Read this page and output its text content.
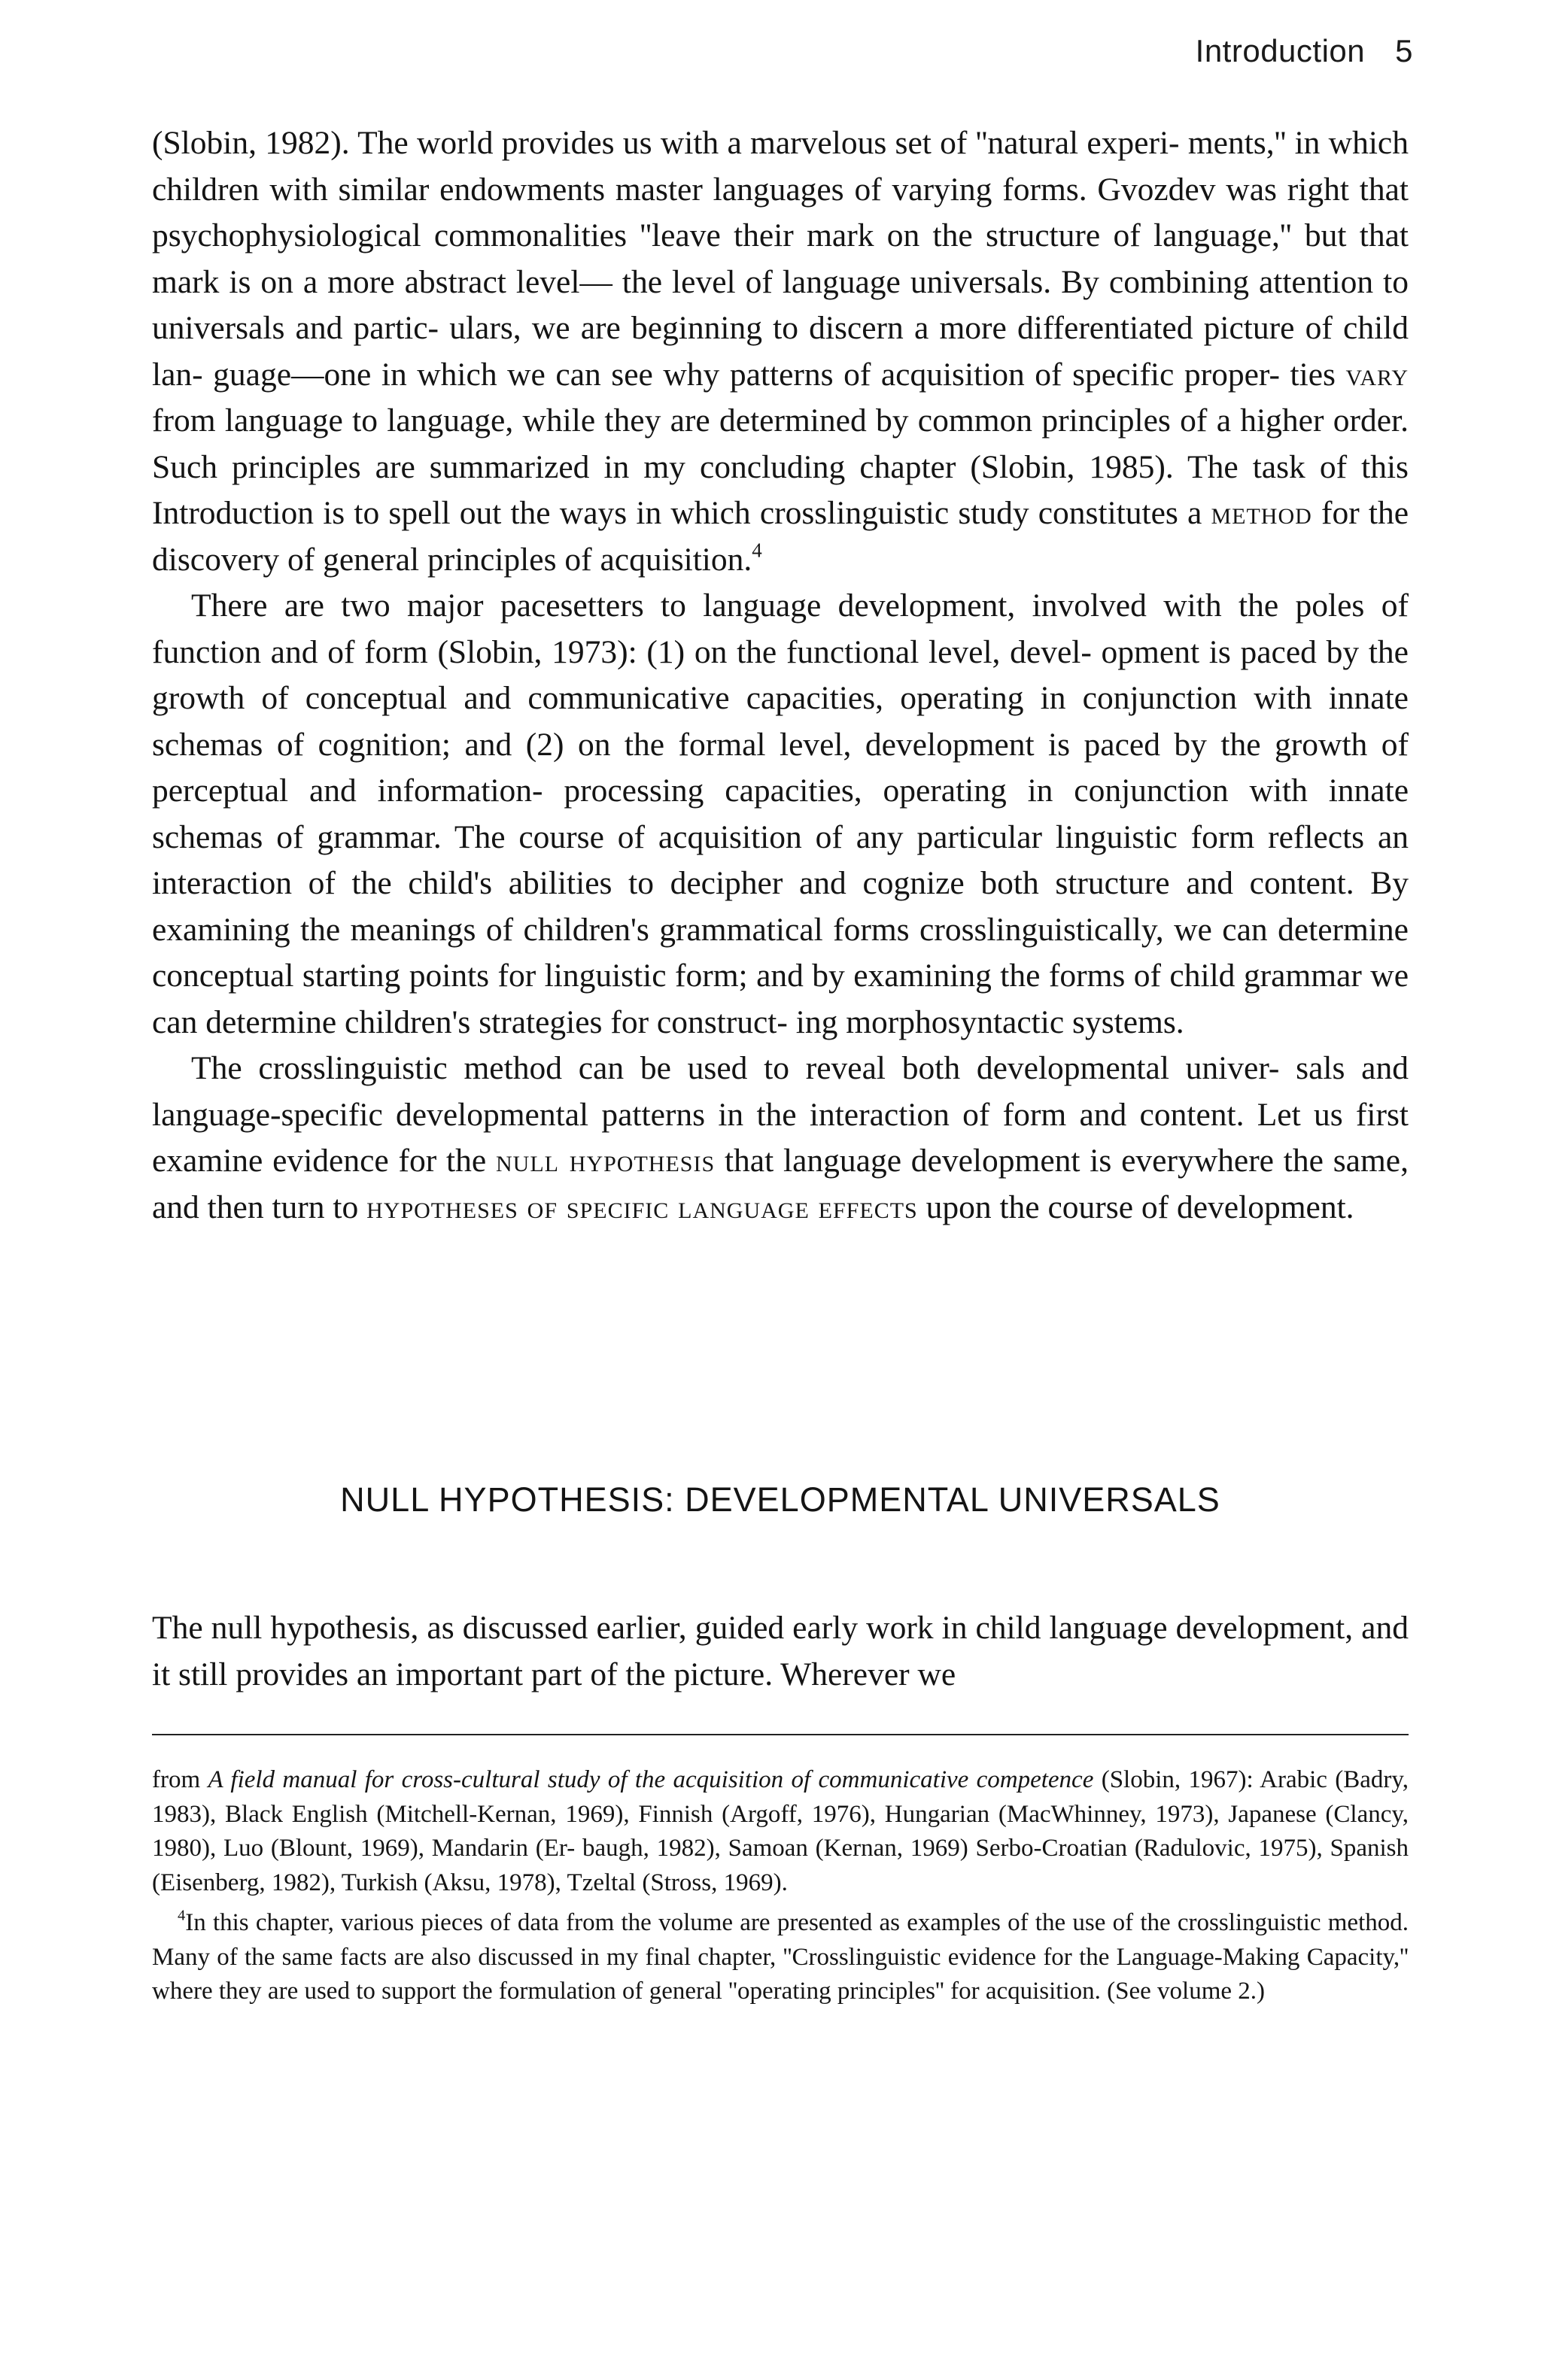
Introduction 5

(Slobin, 1982). The world provides us with a marvelous set of ''natural experi- ments,'' in which children with similar endowments master languages of varying forms. Gvozdev was right that psychophysiological commonalities ''leave their mark on the structure of language,'' but that mark is on a more abstract level— the level of language universals. By combining attention to universals and partic- ulars, we are beginning to discern a more differentiated picture of child lan- guage—one in which we can see why patterns of acquisition of specific proper- ties vary from language to language, while they are determined by common principles of a higher order. Such principles are summarized in my concluding chapter (Slobin, 1985). The task of this Introduction is to spell out the ways in which crosslinguistic study constitutes a method for the discovery of general principles of acquisition.$^4$

There are two major pacesetters to language development, involved with the poles of function and of form (Slobin, 1973): (1) on the functional level, devel- opment is paced by the growth of conceptual and communicative capacities, operating in conjunction with innate schemas of cognition; and (2) on the formal level, development is paced by the growth of perceptual and information- processing capacities, operating in conjunction with innate schemas of grammar. The course of acquisition of any particular linguistic form reflects an interaction of the child's abilities to decipher and cognize both structure and content. By examining the meanings of children's grammatical forms crosslinguistically, we can determine conceptual starting points for linguistic form; and by examining the forms of child grammar we can determine children's strategies for construct- ing morphosyntactic systems.

The crosslinguistic method can be used to reveal both developmental univer- sals and language-specific developmental patterns in the interaction of form and content. Let us first examine evidence for the null hypothesis that language development is everywhere the same, and then turn to hypotheses of specific language effects upon the course of development.

NULL HYPOTHESIS: DEVELOPMENTAL UNIVERSALS

The null hypothesis, as discussed earlier, guided early work in child language development, and it still provides an important part of the picture. Wherever we

from A field manual for cross-cultural study of the acquisition of communicative competence (Slobin, 1967): Arabic (Badry, 1983), Black English (Mitchell-Kernan, 1969), Finnish (Argoff, 1976), Hungarian (MacWhinney, 1973), Japanese (Clancy, 1980), Luo (Blount, 1969), Mandarin (Er- baugh, 1982), Samoan (Kernan, 1969) Serbo-Croatian (Radulovic, 1975), Spanish (Eisenberg, 1982), Turkish (Aksu, 1978), Tzeltal (Stross, 1969).

$^4$In this chapter, various pieces of data from the volume are presented as examples of the use of the crosslinguistic method. Many of the same facts are also discussed in my final chapter, ''Crosslinguistic evidence for the Language-Making Capacity,'' where they are used to support the formulation of general ''operating principles'' for acquisition. (See volume 2.)
